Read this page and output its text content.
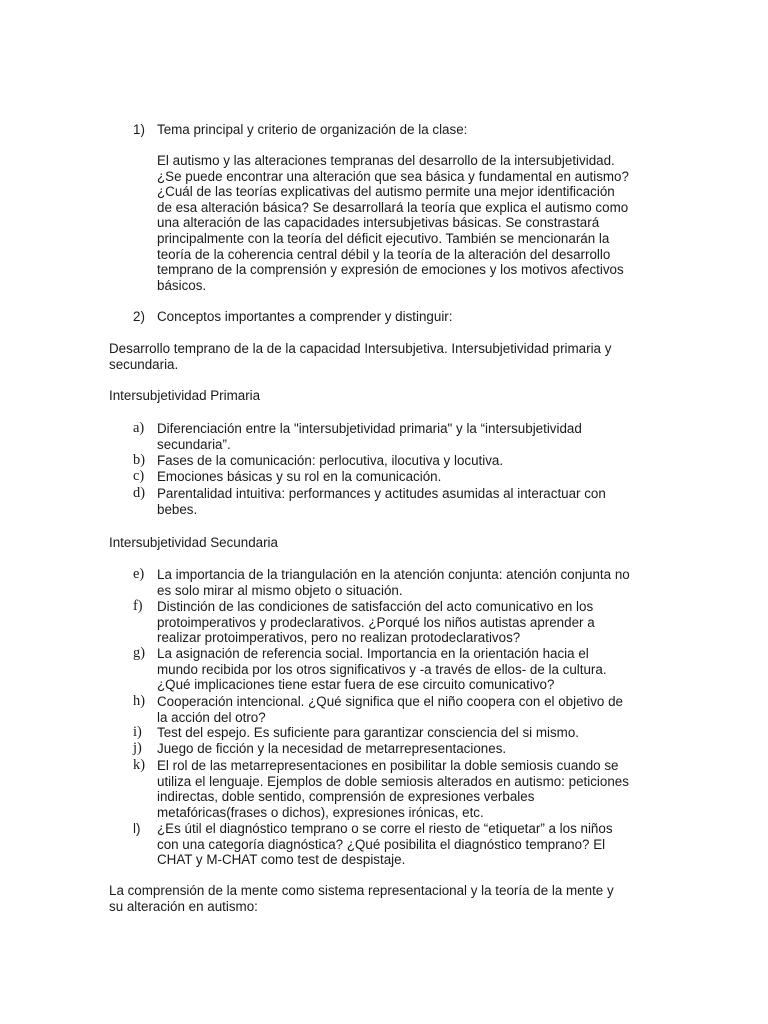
1) Tema principal y criterio de organización de la clase:
El autismo y las alteraciones tempranas del desarrollo de la intersubjetividad.
¿Se puede encontrar una alteración que sea básica y fundamental en autismo?
¿Cuál de las teorías explicativas del autismo permite una mejor identificación
de esa alteración básica? Se desarrollará la teoría que explica el autismo como
una alteración de las capacidades intersubjetivas básicas. Se constrastará
principalmente con la teoría del déficit ejecutivo. También se mencionarán la
teoría de la coherencia central débil y la teoría de la alteración del desarrollo
temprano de la comprensión y expresión de emociones y los motivos afectivos
básicos.
2) Conceptos importantes a comprender y distinguir:
Desarrollo temprano de la de la capacidad Intersubjetiva. Intersubjetividad primaria y
secundaria.
Intersubjetividad Primaria
a) Diferenciación entre la "intersubjetividad primaria" y la “intersubjetividad
secundaria”.
b) Fases de la comunicación: perlocutiva, ilocutiva y locutiva.
c) Emociones básicas y su rol en la comunicación.
d) Parentalidad intuitiva: performances y actitudes asumidas al interactuar con
bebes.
Intersubjetividad Secundaria
e) La importancia de la triangulación en la atención conjunta: atención conjunta no
es solo mirar al mismo objeto o situación.
f) Distinción de las condiciones de satisfacción del acto comunicativo en los
protoimperativos y prodeclarativos. ¿Porqué los niños autistas aprender a
realizar protoimperativos, pero no realizan protodeclarativos?
g) La asignación de referencia social. Importancia en la orientación hacia el
mundo recibida por los otros significativos y -a través de ellos- de la cultura.
¿Qué implicaciones tiene estar fuera de ese circuito comunicativo?
h) Cooperación intencional. ¿Qué significa que el niño coopera con el objetivo de
la acción del otro?
i) Test del espejo. Es suficiente para garantizar consciencia del si mismo.
j) Juego de ficción y la necesidad de metarrepresentaciones.
k) El rol de las metarrepresentaciones en posibilitar la doble semiosis cuando se
utiliza el lenguaje. Ejemplos de doble semiosis alterados en autismo: peticiones
indirectas, doble sentido, comprensión de expresiones verbales
metafóricas(frases o dichos), expresiones irónicas, etc.
l) ¿Es útil el diagnóstico temprano o se corre el riesto de “etiquetar” a los niños
con una categoría diagnóstica? ¿Qué posibilita el diagnóstico temprano? El
CHAT y M-CHAT como test de despistaje.
La comprensión de la mente como sistema representacional y la teoría de la mente y
su alteración en autismo:
